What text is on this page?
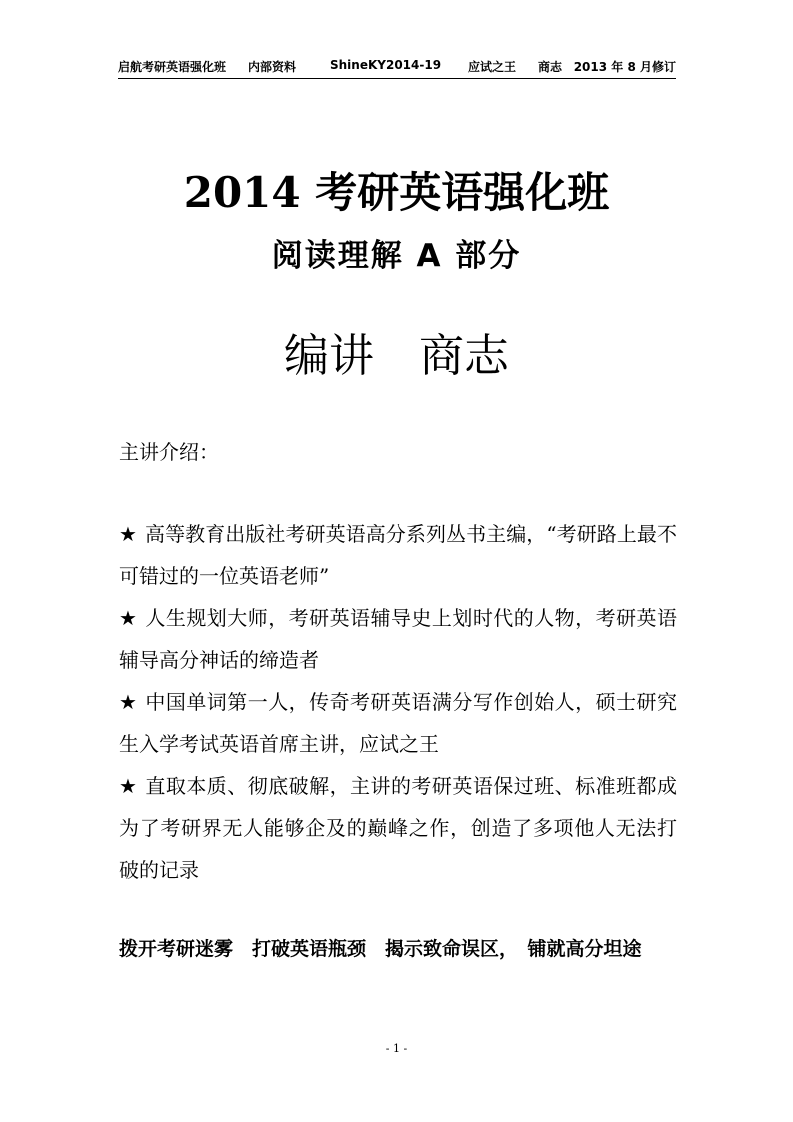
启航考研英语强化班 内部资料	ShineKY2014-19 应试之王 商志 2013 年 8 月修订
2014 考研英语强化班
阅读理解 A 部分
编讲　商志
主讲介绍：

★ 高等教育出版社考研英语高分系列丛书主编，“考研路上最不可错过的一位英语老师”

★ 人生规划大师，考研英语辅导史上划时代的人物，考研英语辅导高分神话的缔造者

★ 中国单词第一人，传奇考研英语满分写作创始人，硕士研究生入学考试英语首席主讲，应试之王

★ 直取本质、彻底破解，主讲的考研英语保过班、标准班都成为了考研界无人能够企及的巅峰之作，创造了多项他人无法打破的记录

拨开考研迷雾　打破英语瓶颈　揭示致命误区，　铺就高分坦途
- 1 -
